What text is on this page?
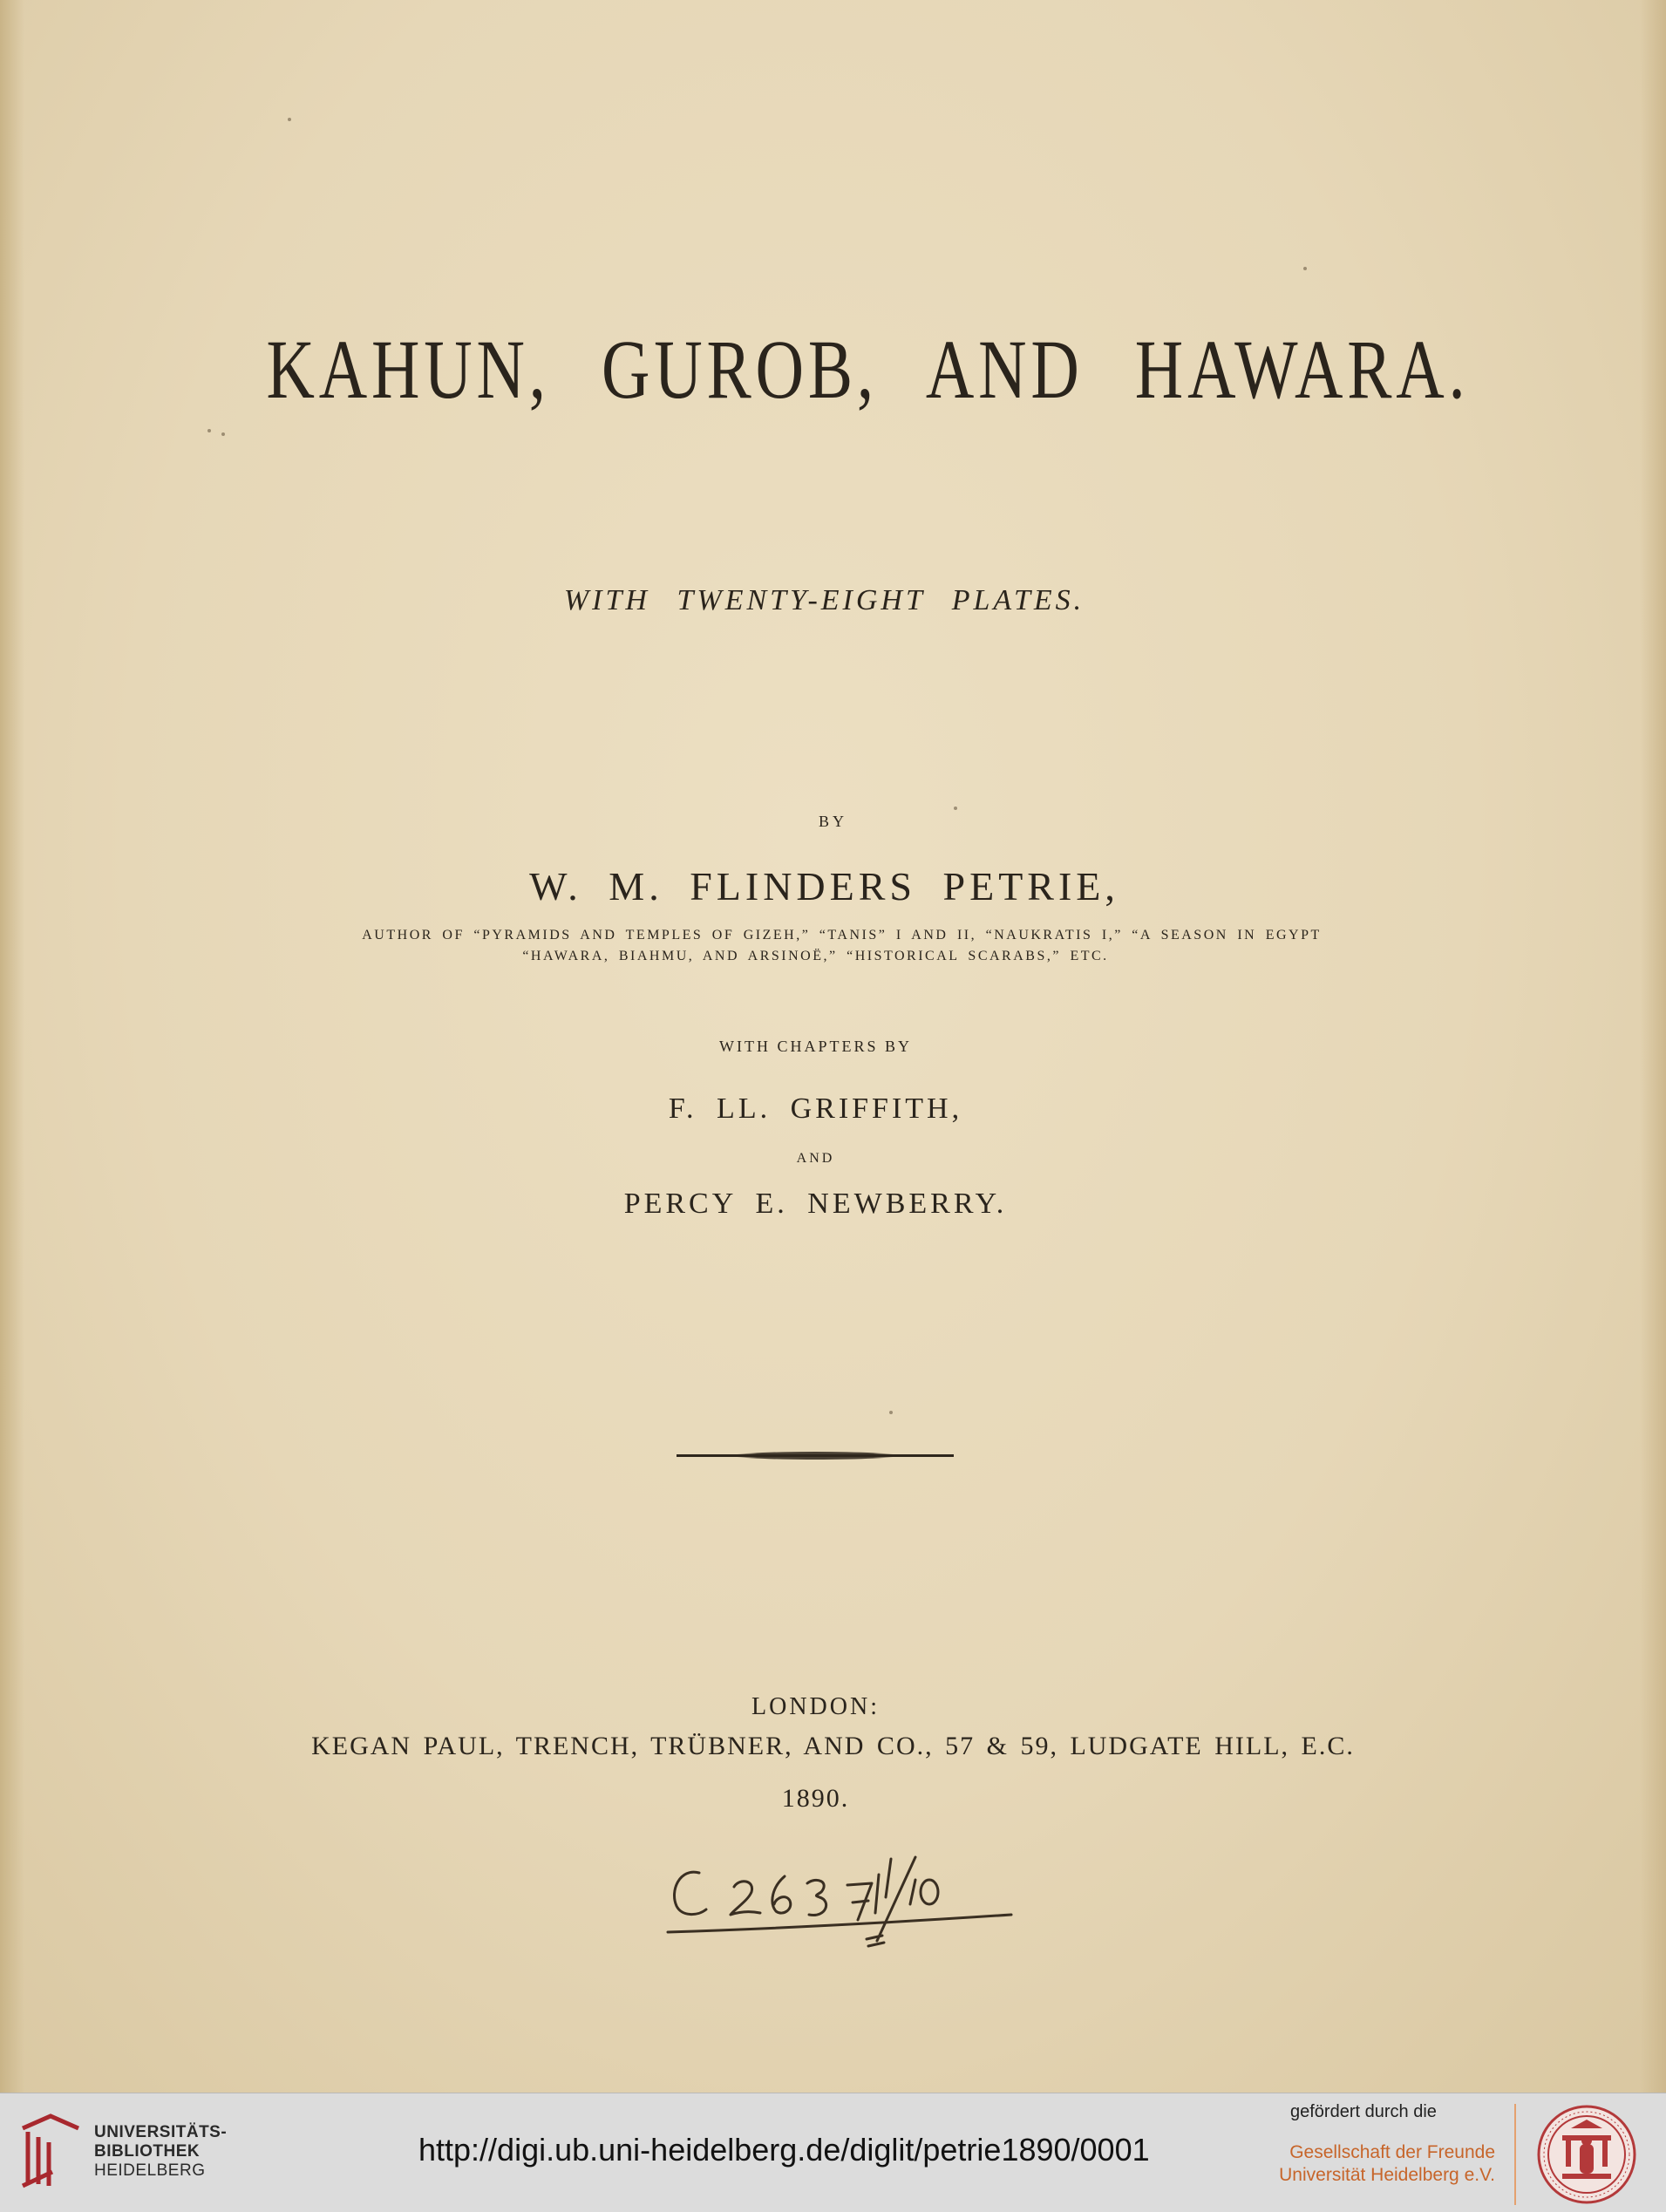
KAHUN, GUROB, AND HAWARA.
WITH TWENTY-EIGHT PLATES.
BY
W. M. FLINDERS PETRIE,
AUTHOR OF “PYRAMIDS AND TEMPLES OF GIZEH,” “TANIS” I AND II, “NAUKRATIS I,” “A SEASON IN EGYPT
“HAWARA, BIAHMU, AND ARSINOË,” “HISTORICAL SCARABS,” ETC.
WITH CHAPTERS BY
F. LL. GRIFFITH,
AND
PERCY E. NEWBERRY.
LONDON:
KEGAN PAUL, TRENCH, TRÜBNER, AND CO., 57 & 59, LUDGATE HILL, E.C.
1890.
UNIVERSITÄTS-
BIBLIOTHEK
HEIDELBERG
http://digi.ub.uni-heidelberg.de/diglit/petrie1890/0001
gefördert durch die
Gesellschaft der Freunde
Universität Heidelberg e.V.
